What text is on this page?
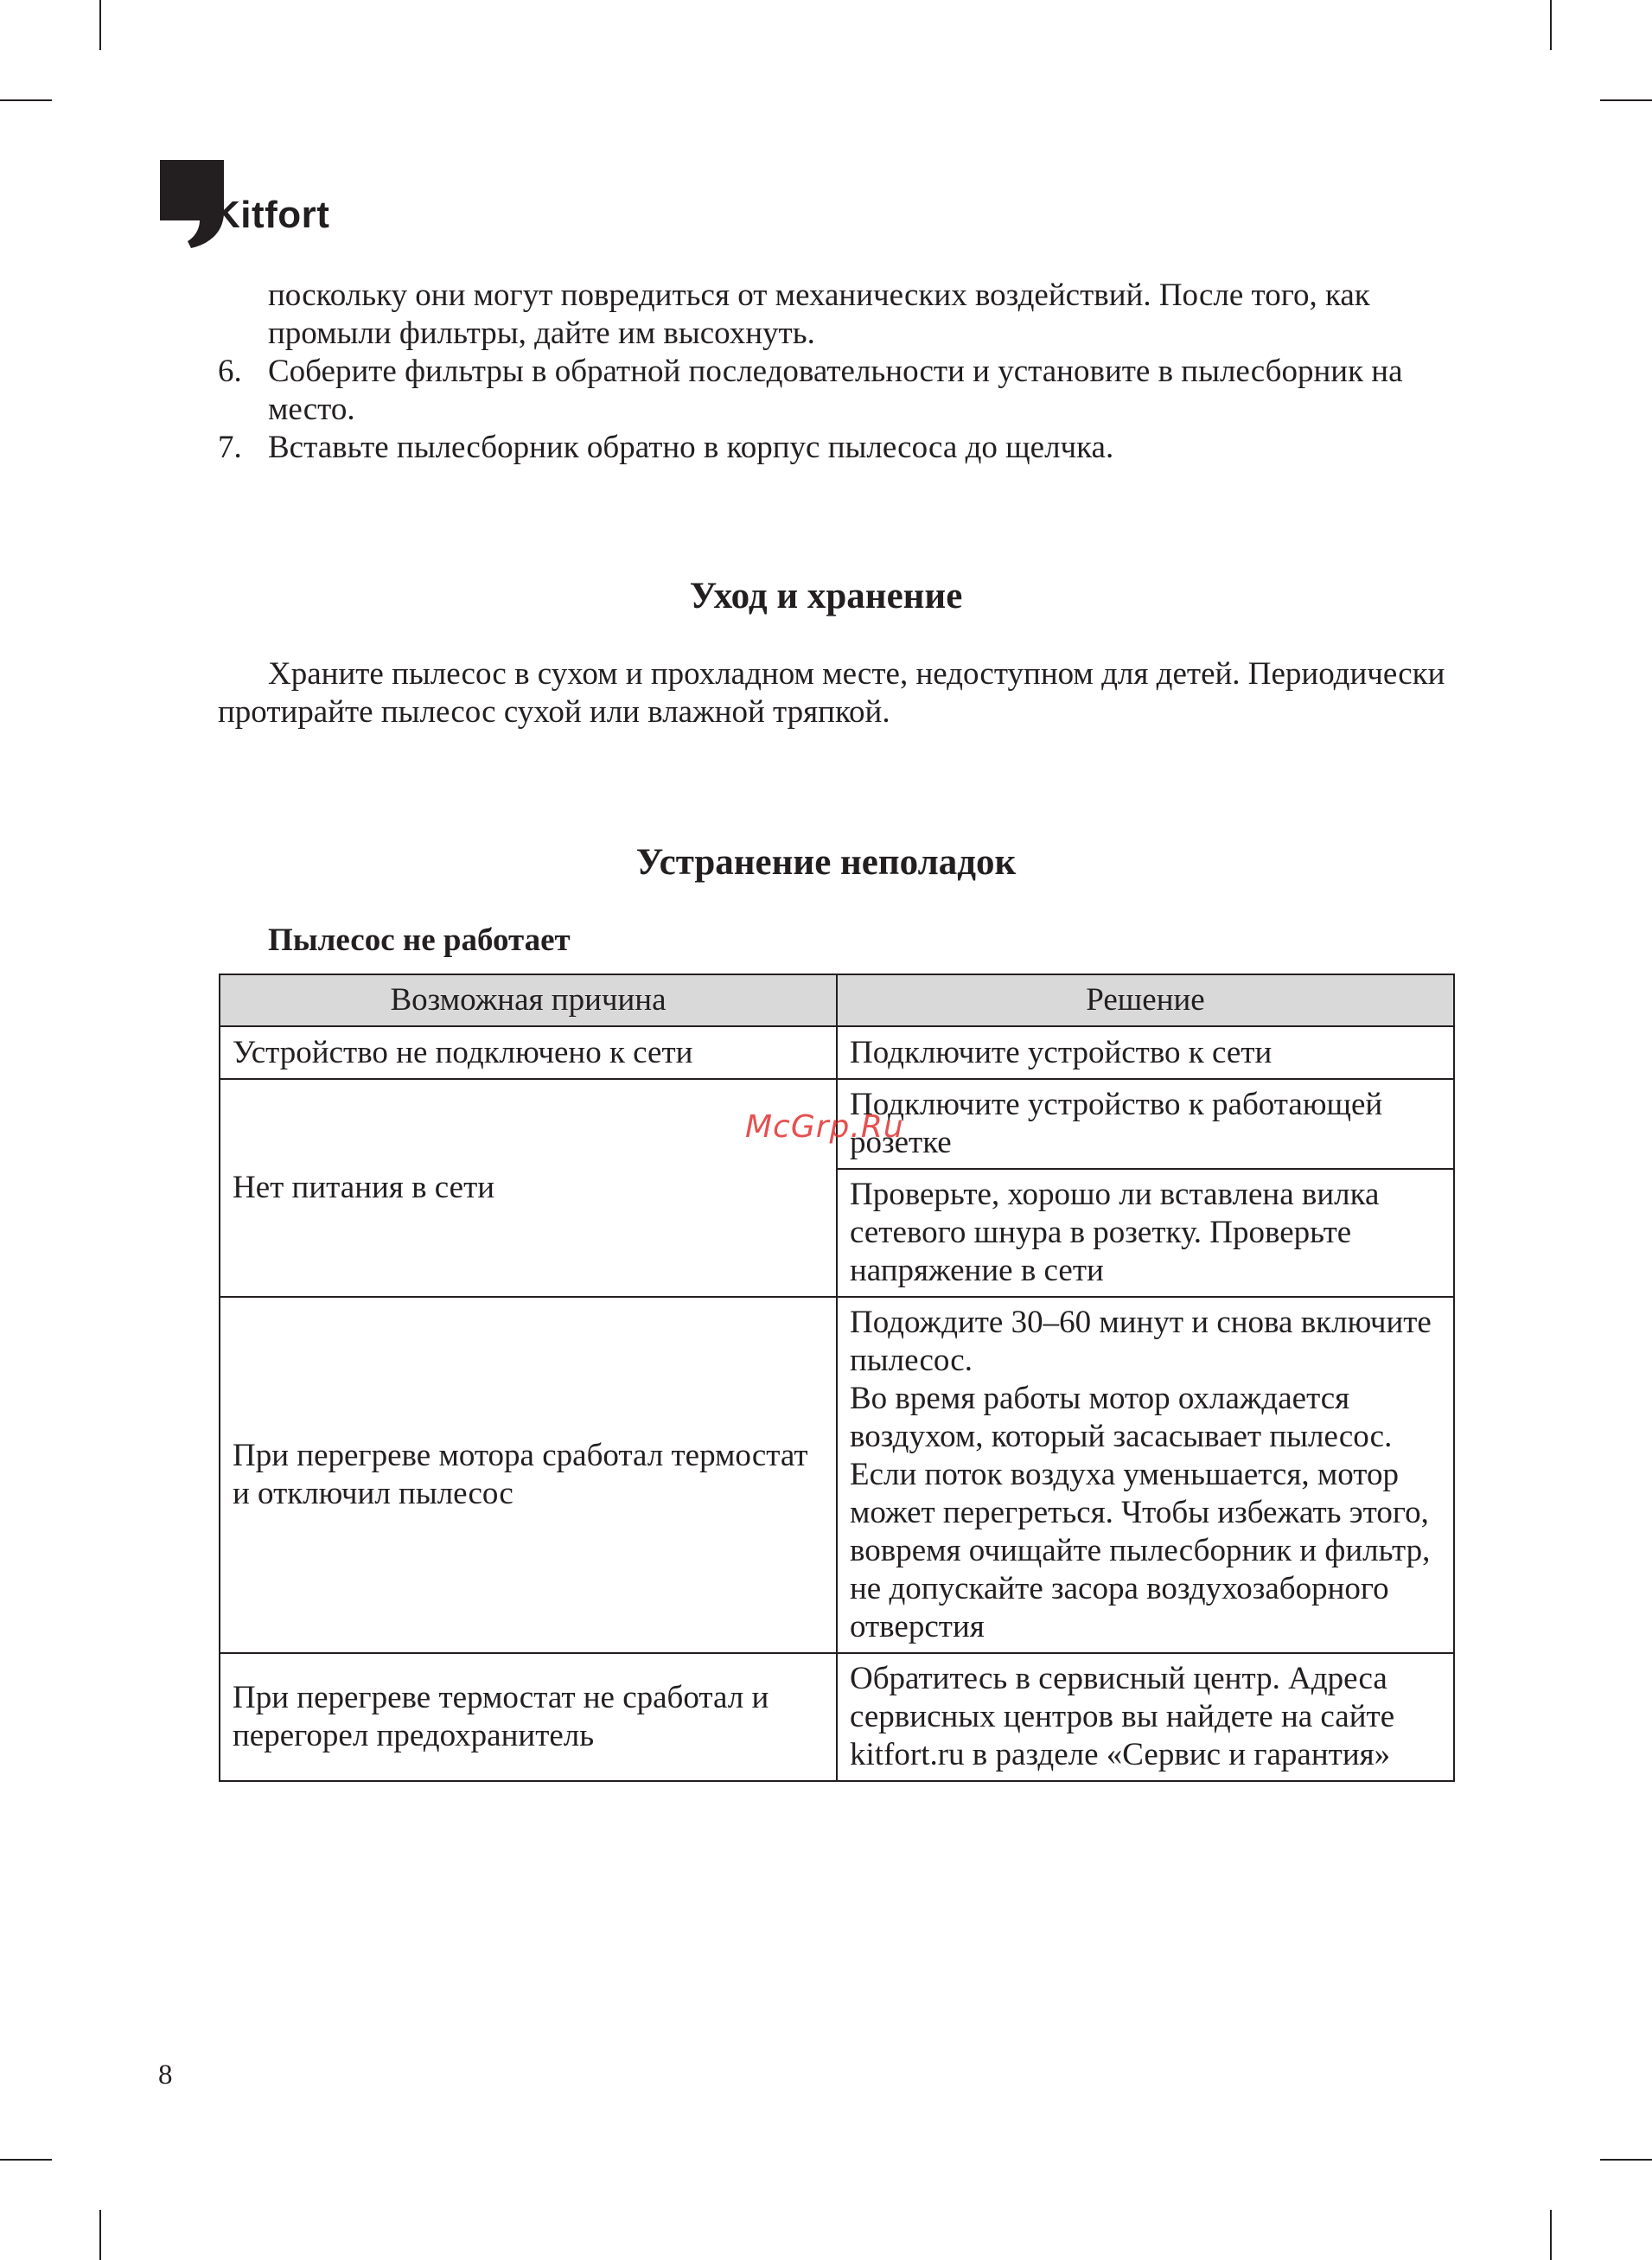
Kitfort
поскольку они могут повредиться от механических воздействий. После того, как промыли фильтры, дайте им высохнуть.
6. Соберите фильтры в обратной последовательности и установите в пылесборник на место.
7. Вставьте пылесборник обратно в корпус пылесоса до щелчка.
Уход и хранение

Храните пылесос в сухом и прохладном месте, недоступном для детей. Периодически протирайте пылесос сухой или влажной тряпкой.

Устранение неполадок

Пылесос не работает

Возможная причина	Решение
Устройство не подключено к сети	Подключите устройство к сети
Нет питания в сети	Подключите устройство к работающей розетке
	Проверьте, хорошо ли вставлена вилка сетевого шнура в розетку. Проверьте напряжение в сети
При перегреве мотора сработал термостат и отключил пылесос	Подождите 30–60 минут и снова включите пылесос.
Во время работы мотор охлаждается воздухом, который засасывает пылесос. Если поток воздуха уменьшается, мотор может перегреться. Чтобы избежать этого, вовремя очищайте пылесборник и фильтр, не допускайте засора воздухозаборного отверстия

При перегреве термостат не сработал и перегорел предохранитель	Обратитесь в сервисный центр. Адреса сервисных центров вы найдете на сайте kitfort.ru в разделе «Сервис и гарантия»
McGrp.Ru
8
